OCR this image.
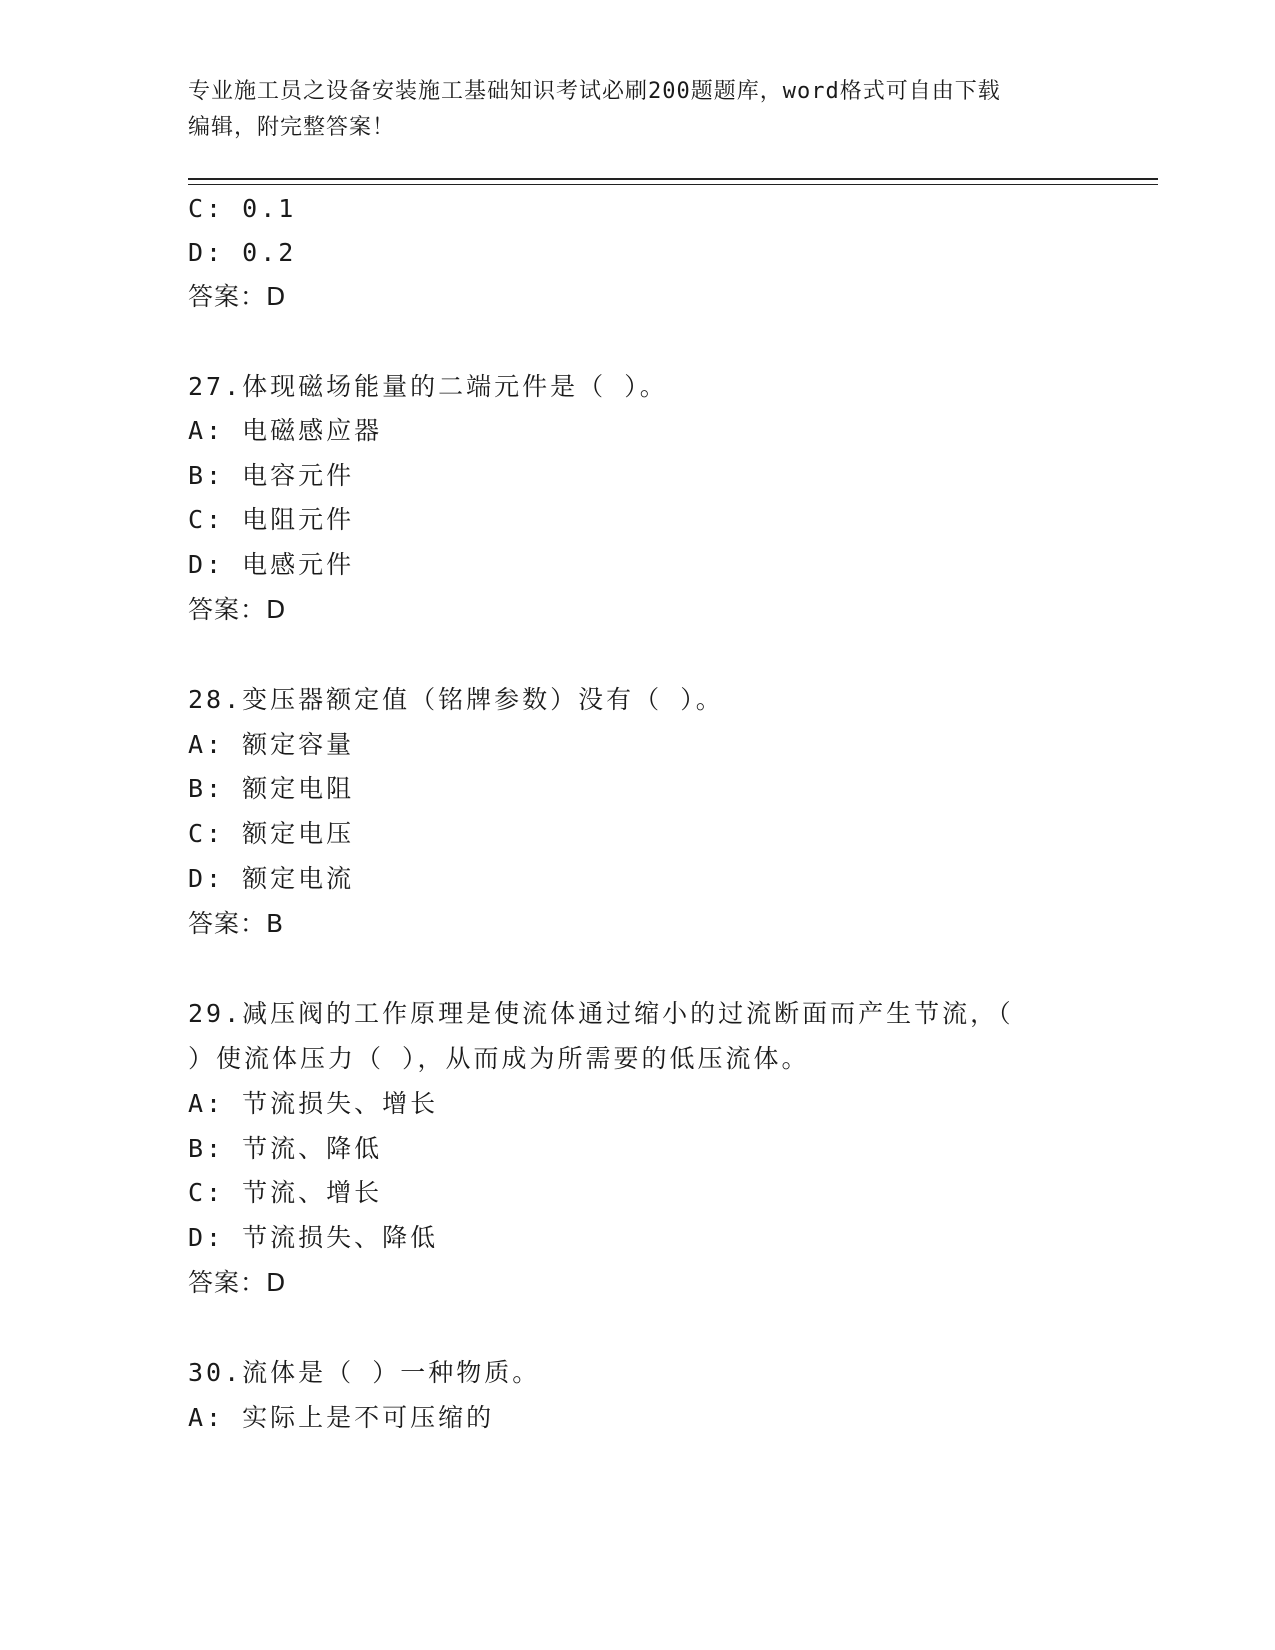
专业施工员之设备安装施工基础知识考试必刷200题题库，word格式可自由下载
编辑，附完整答案！
C: 0.1
D: 0.2
答案：D
27.体现磁场能量的二端元件是（ ）。
A: 电磁感应器
B: 电容元件
C: 电阻元件
D: 电感元件
答案：D
28.变压器额定值（铭牌参数）没有（ ）。
A: 额定容量
B: 额定电阻
C: 额定电压
D: 额定电流
答案：B
29.减压阀的工作原理是使流体通过缩小的过流断面而产生节流，（
）使流体压力（ ），从而成为所需要的低压流体。
A: 节流损失、增长
B: 节流、降低
C: 节流、增长
D: 节流损失、降低
答案：D
30.流体是（ ）一种物质。
A: 实际上是不可压缩的
